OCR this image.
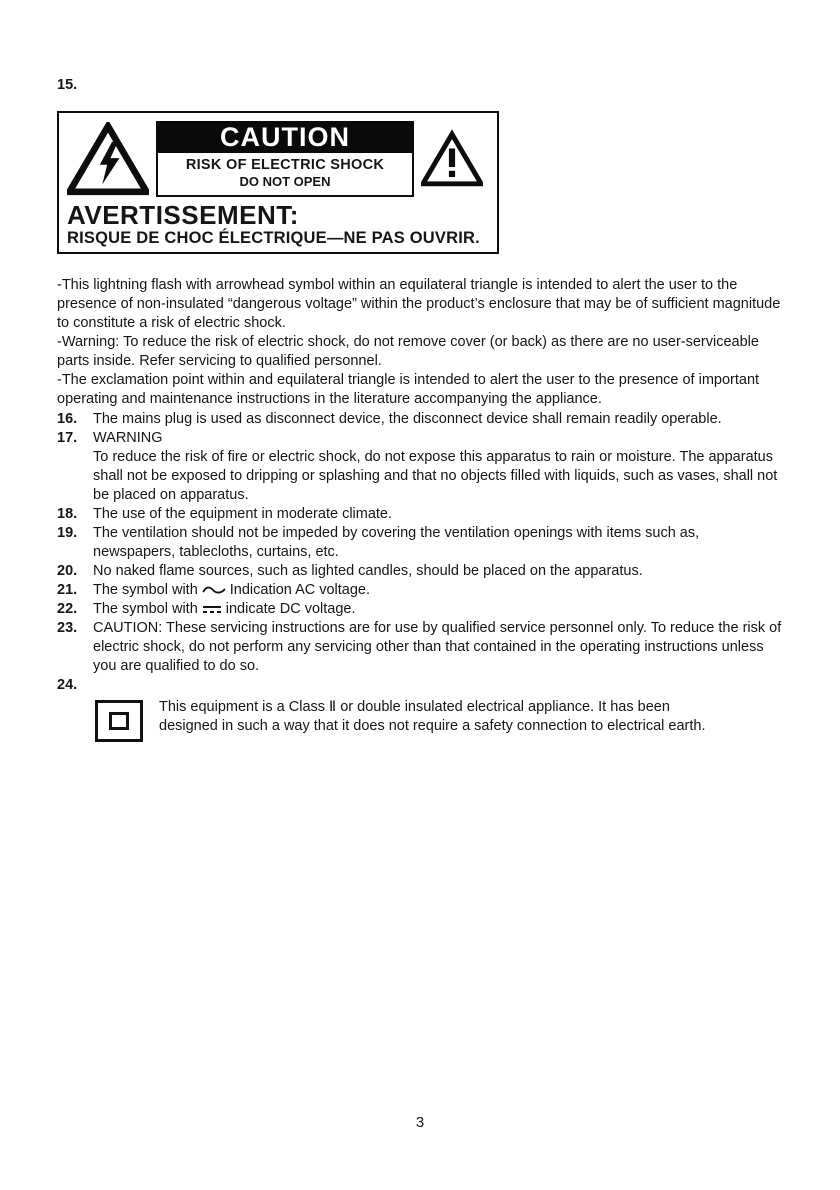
15.
CAUTION
RISK OF ELECTRIC SHOCK
DO NOT OPEN
AVERTISSEMENT:
RISQUE DE CHOC ÉLECTRIQUE—NE PAS OUVRIR.

-This lightning flash with arrowhead symbol within an equilateral triangle is intended to alert the user to the presence of non-insulated “dangerous voltage” within the product’s enclosure that may be of sufficient magnitude to constitute a risk of electric shock.

-Warning: To reduce the risk of electric shock, do not remove cover (or back) as there are no user-serviceable parts inside. Refer servicing to qualified personnel.

-The exclamation point within and equilateral triangle is intended to alert the user to the presence of important operating and maintenance instructions in the literature accompanying the appliance.

16.	The mains plug is used as disconnect device, the disconnect device shall remain readily operable.
17.	WARNING
To reduce the risk of fire or electric shock, do not expose this apparatus to rain or moisture. The apparatus shall not be exposed to dripping or splashing and that no objects filled with liquids, such as vases, shall not be placed on apparatus.
18.	The use of the equipment in moderate climate.
19.	The ventilation should not be impeded by covering the ventilation openings with items such as, newspapers, tablecloths, curtains, etc.
20.	No naked flame sources, such as lighted candles, should be placed on the apparatus.
21.	The symbol with Indication AC voltage.
22.	The symbol with indicate DC voltage.
23.	CAUTION: These servicing instructions are for use by qualified service personnel only. To reduce the risk of electric shock, do not perform any servicing other than that contained in the operating instructions unless you are qualified to do so.
24.
This equipment is a Class Ⅱ or double insulated electrical appliance. It has been designed in such a way that it does not require a safety connection to electrical earth.
3
